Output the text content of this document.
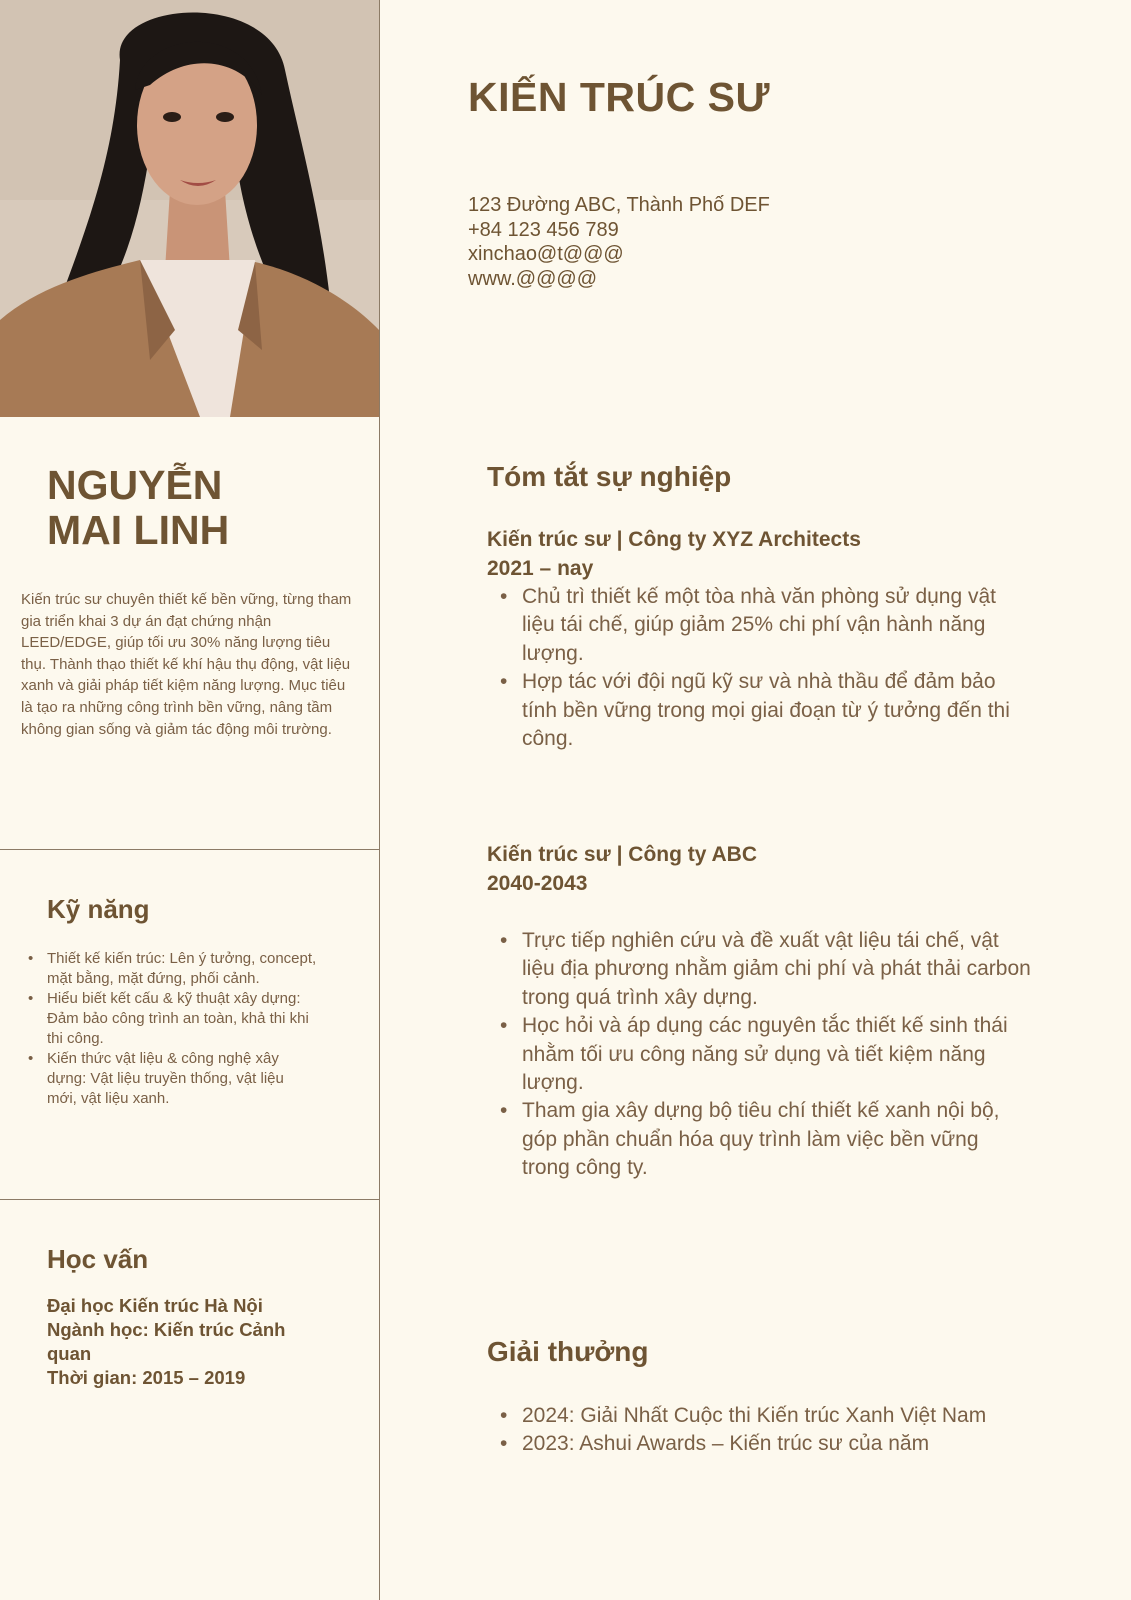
KIẾN TRÚC SƯ
123 Đường ABC, Thành Phố DEF
+84 123 456 789
xinchao@t@@@
www.@@@@
NGUYỄN
MAI LINH
Kiến trúc sư chuyên thiết kế bền vững, từng tham gia triển khai 3 dự án đạt chứng nhận LEED/EDGE, giúp tối ưu 30% năng lượng tiêu thụ. Thành thạo thiết kế khí hậu thụ động, vật liệu xanh và giải pháp tiết kiệm năng lượng. Mục tiêu là tạo ra những công trình bền vững, nâng tầm không gian sống và giảm tác động môi trường.
Kỹ năng
• Thiết kế kiến trúc: Lên ý tưởng, concept, mặt bằng, mặt đứng, phối cảnh.
• Hiểu biết kết cấu & kỹ thuật xây dựng: Đảm bảo công trình an toàn, khả thi khi thi công.
• Kiến thức vật liệu & công nghệ xây dựng: Vật liệu truyền thống, vật liệu mới, vật liệu xanh.
Học vấn
Đại học Kiến trúc Hà Nội
Ngành học: Kiến trúc Cảnh quan
Thời gian: 2015 – 2019
Tóm tắt sự nghiệp
Kiến trúc sư | Công ty XYZ Architects
2021 – nay
• Chủ trì thiết kế một tòa nhà văn phòng sử dụng vật liệu tái chế, giúp giảm 25% chi phí vận hành năng lượng.
• Hợp tác với đội ngũ kỹ sư và nhà thầu để đảm bảo tính bền vững trong mọi giai đoạn từ ý tưởng đến thi công.
Kiến trúc sư | Công ty ABC
2040-2043
• Trực tiếp nghiên cứu và đề xuất vật liệu tái chế, vật liệu địa phương nhằm giảm chi phí và phát thải carbon trong quá trình xây dựng.
• Học hỏi và áp dụng các nguyên tắc thiết kế sinh thái nhằm tối ưu công năng sử dụng và tiết kiệm năng lượng.
• Tham gia xây dựng bộ tiêu chí thiết kế xanh nội bộ, góp phần chuẩn hóa quy trình làm việc bền vững trong công ty.
Giải thưởng
• 2024: Giải Nhất Cuộc thi Kiến trúc Xanh Việt Nam
• 2023: Ashui Awards – Kiến trúc sư của năm
